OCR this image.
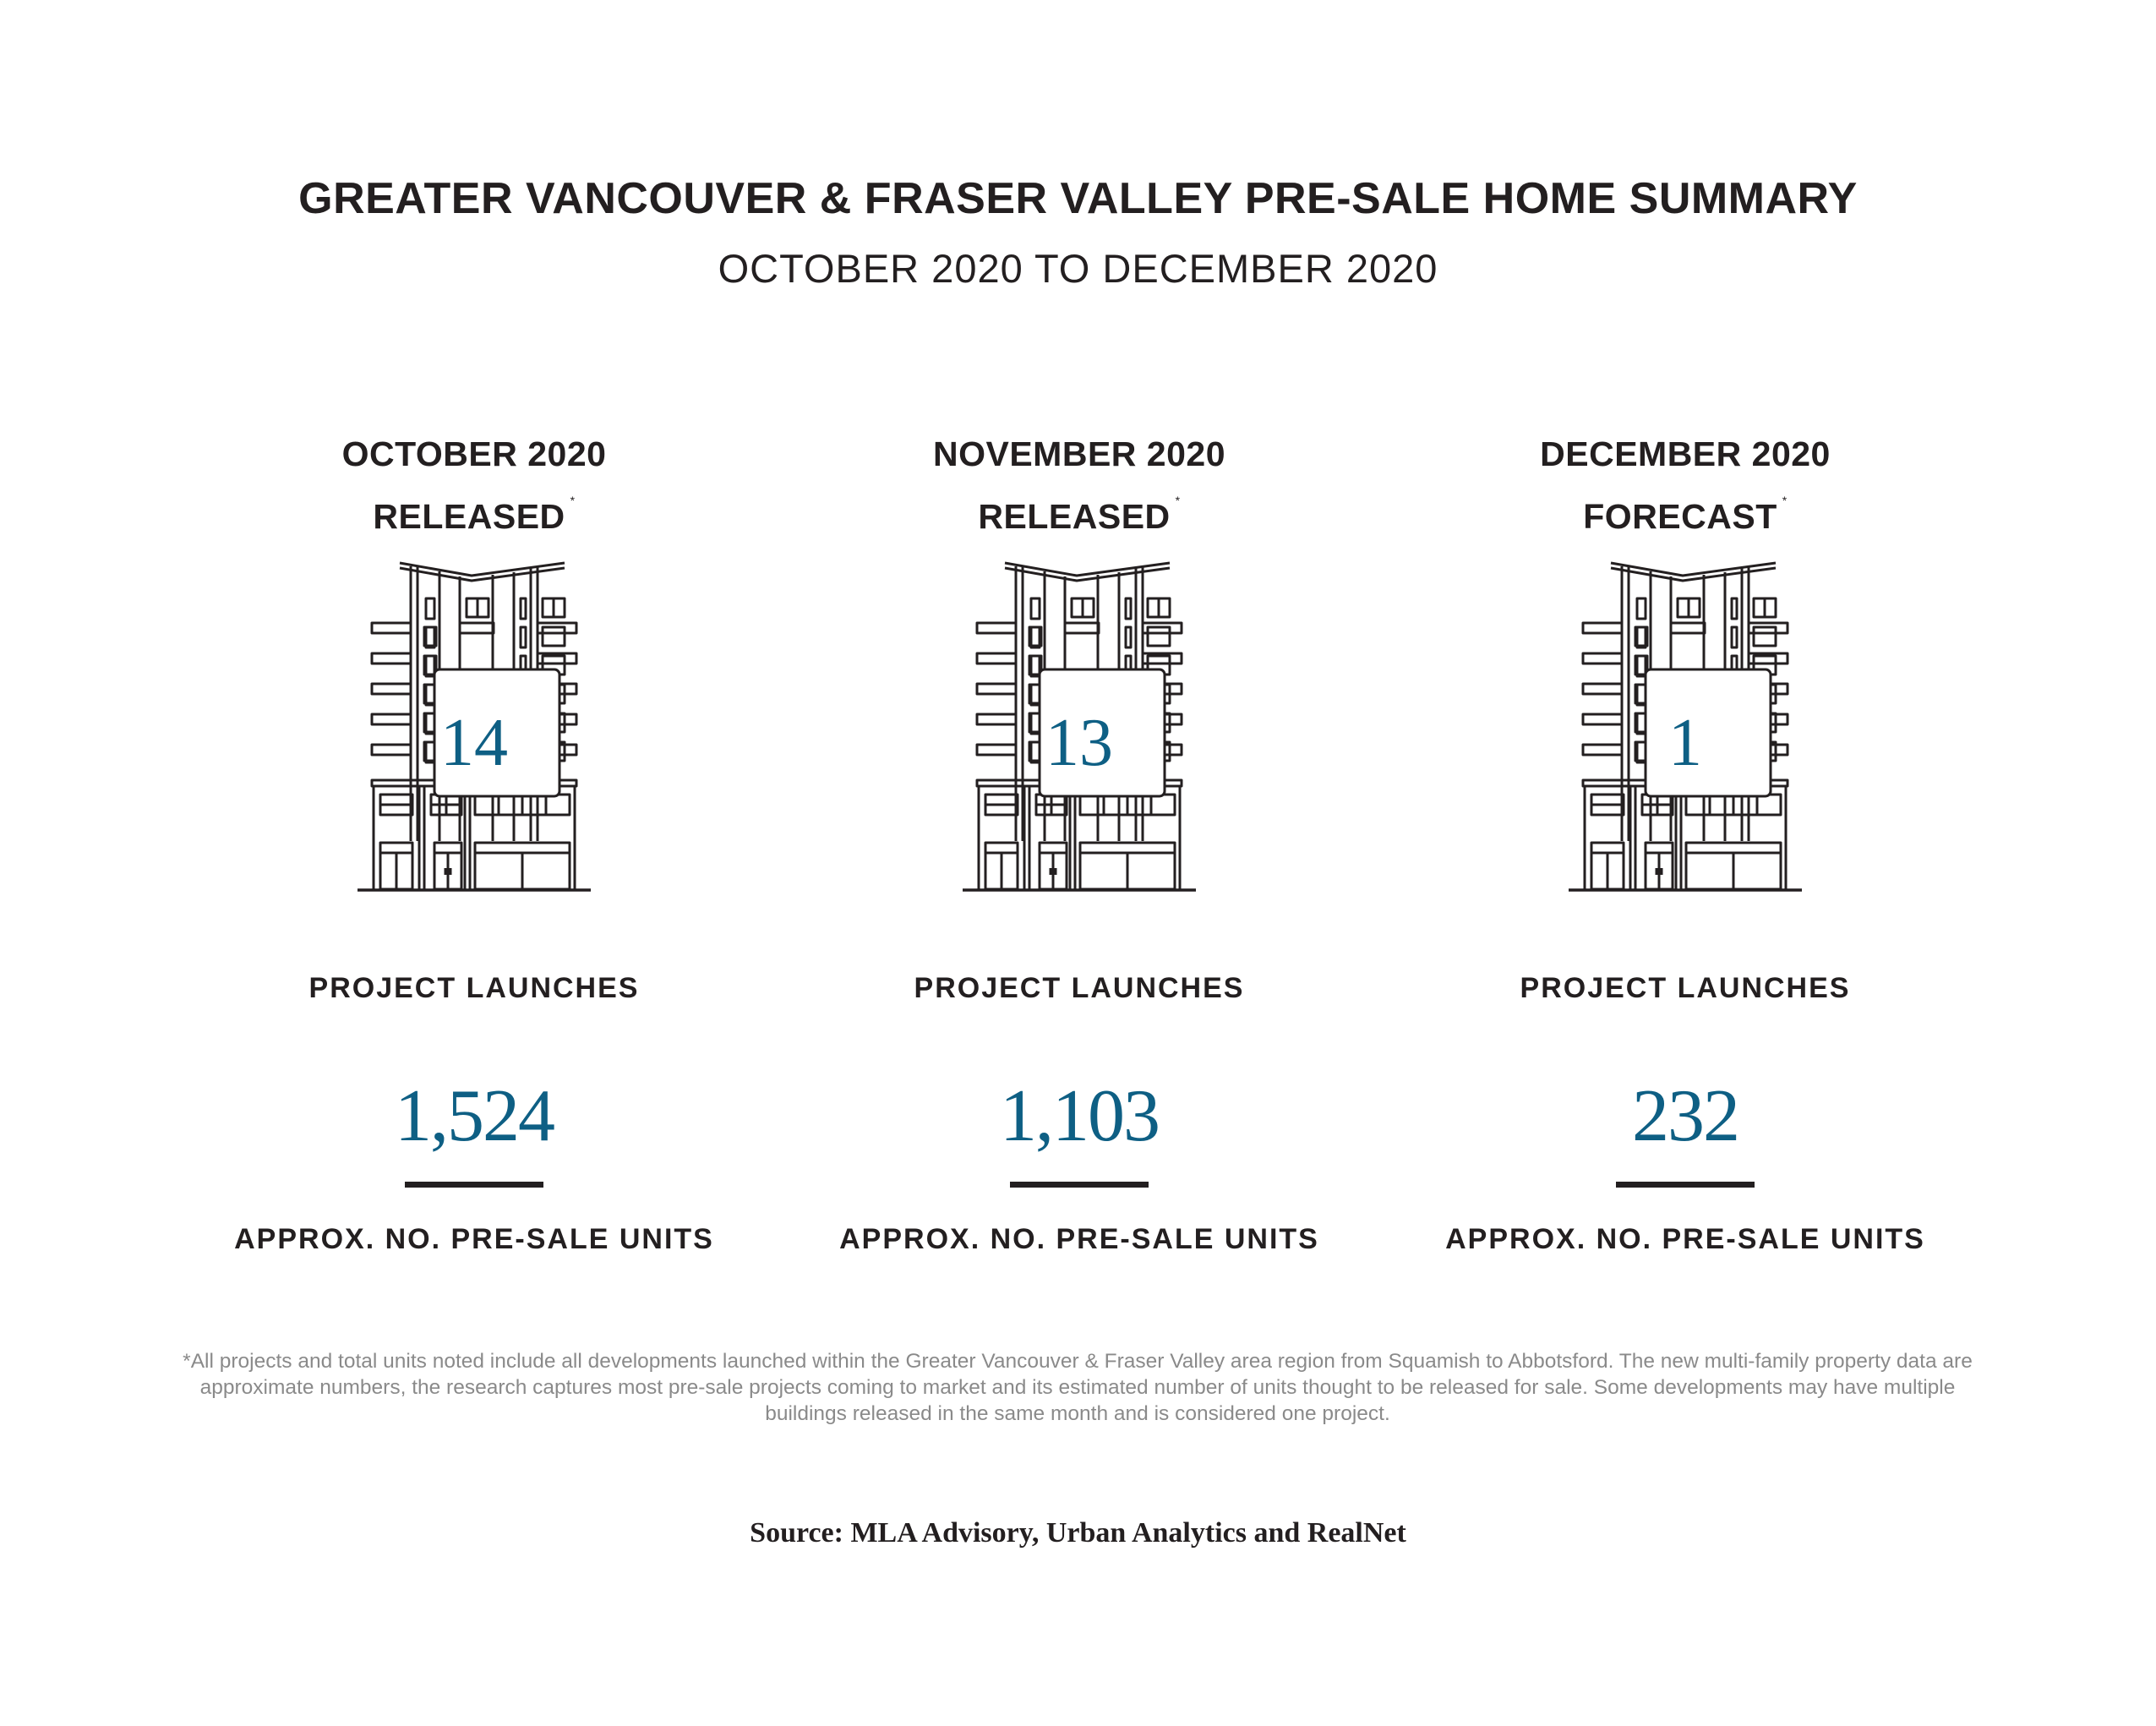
GREATER VANCOUVER & FRASER VALLEY PRE-SALE HOME SUMMARY
OCTOBER 2020 TO DECEMBER 2020
OCTOBER 2020
RELEASED *
14
PROJECT LAUNCHES
1,524
APPROX. NO. PRE-SALE UNITS
NOVEMBER 2020
RELEASED *
13
PROJECT LAUNCHES
1,103
APPROX. NO. PRE-SALE UNITS
DECEMBER 2020
FORECAST *
1
PROJECT LAUNCHES
232
APPROX. NO. PRE-SALE UNITS

*All projects and total units noted include all developments launched within the Greater Vancouver & Fraser Valley area region from Squamish to Abbotsford. The new multi-family property data are approximate numbers, the research captures most pre-sale projects coming to market and its estimated number of units thought to be released for sale. Some developments may have multiple buildings released in the same month and is considered one project.

Source: MLA Advisory, Urban Analytics and RealNet
